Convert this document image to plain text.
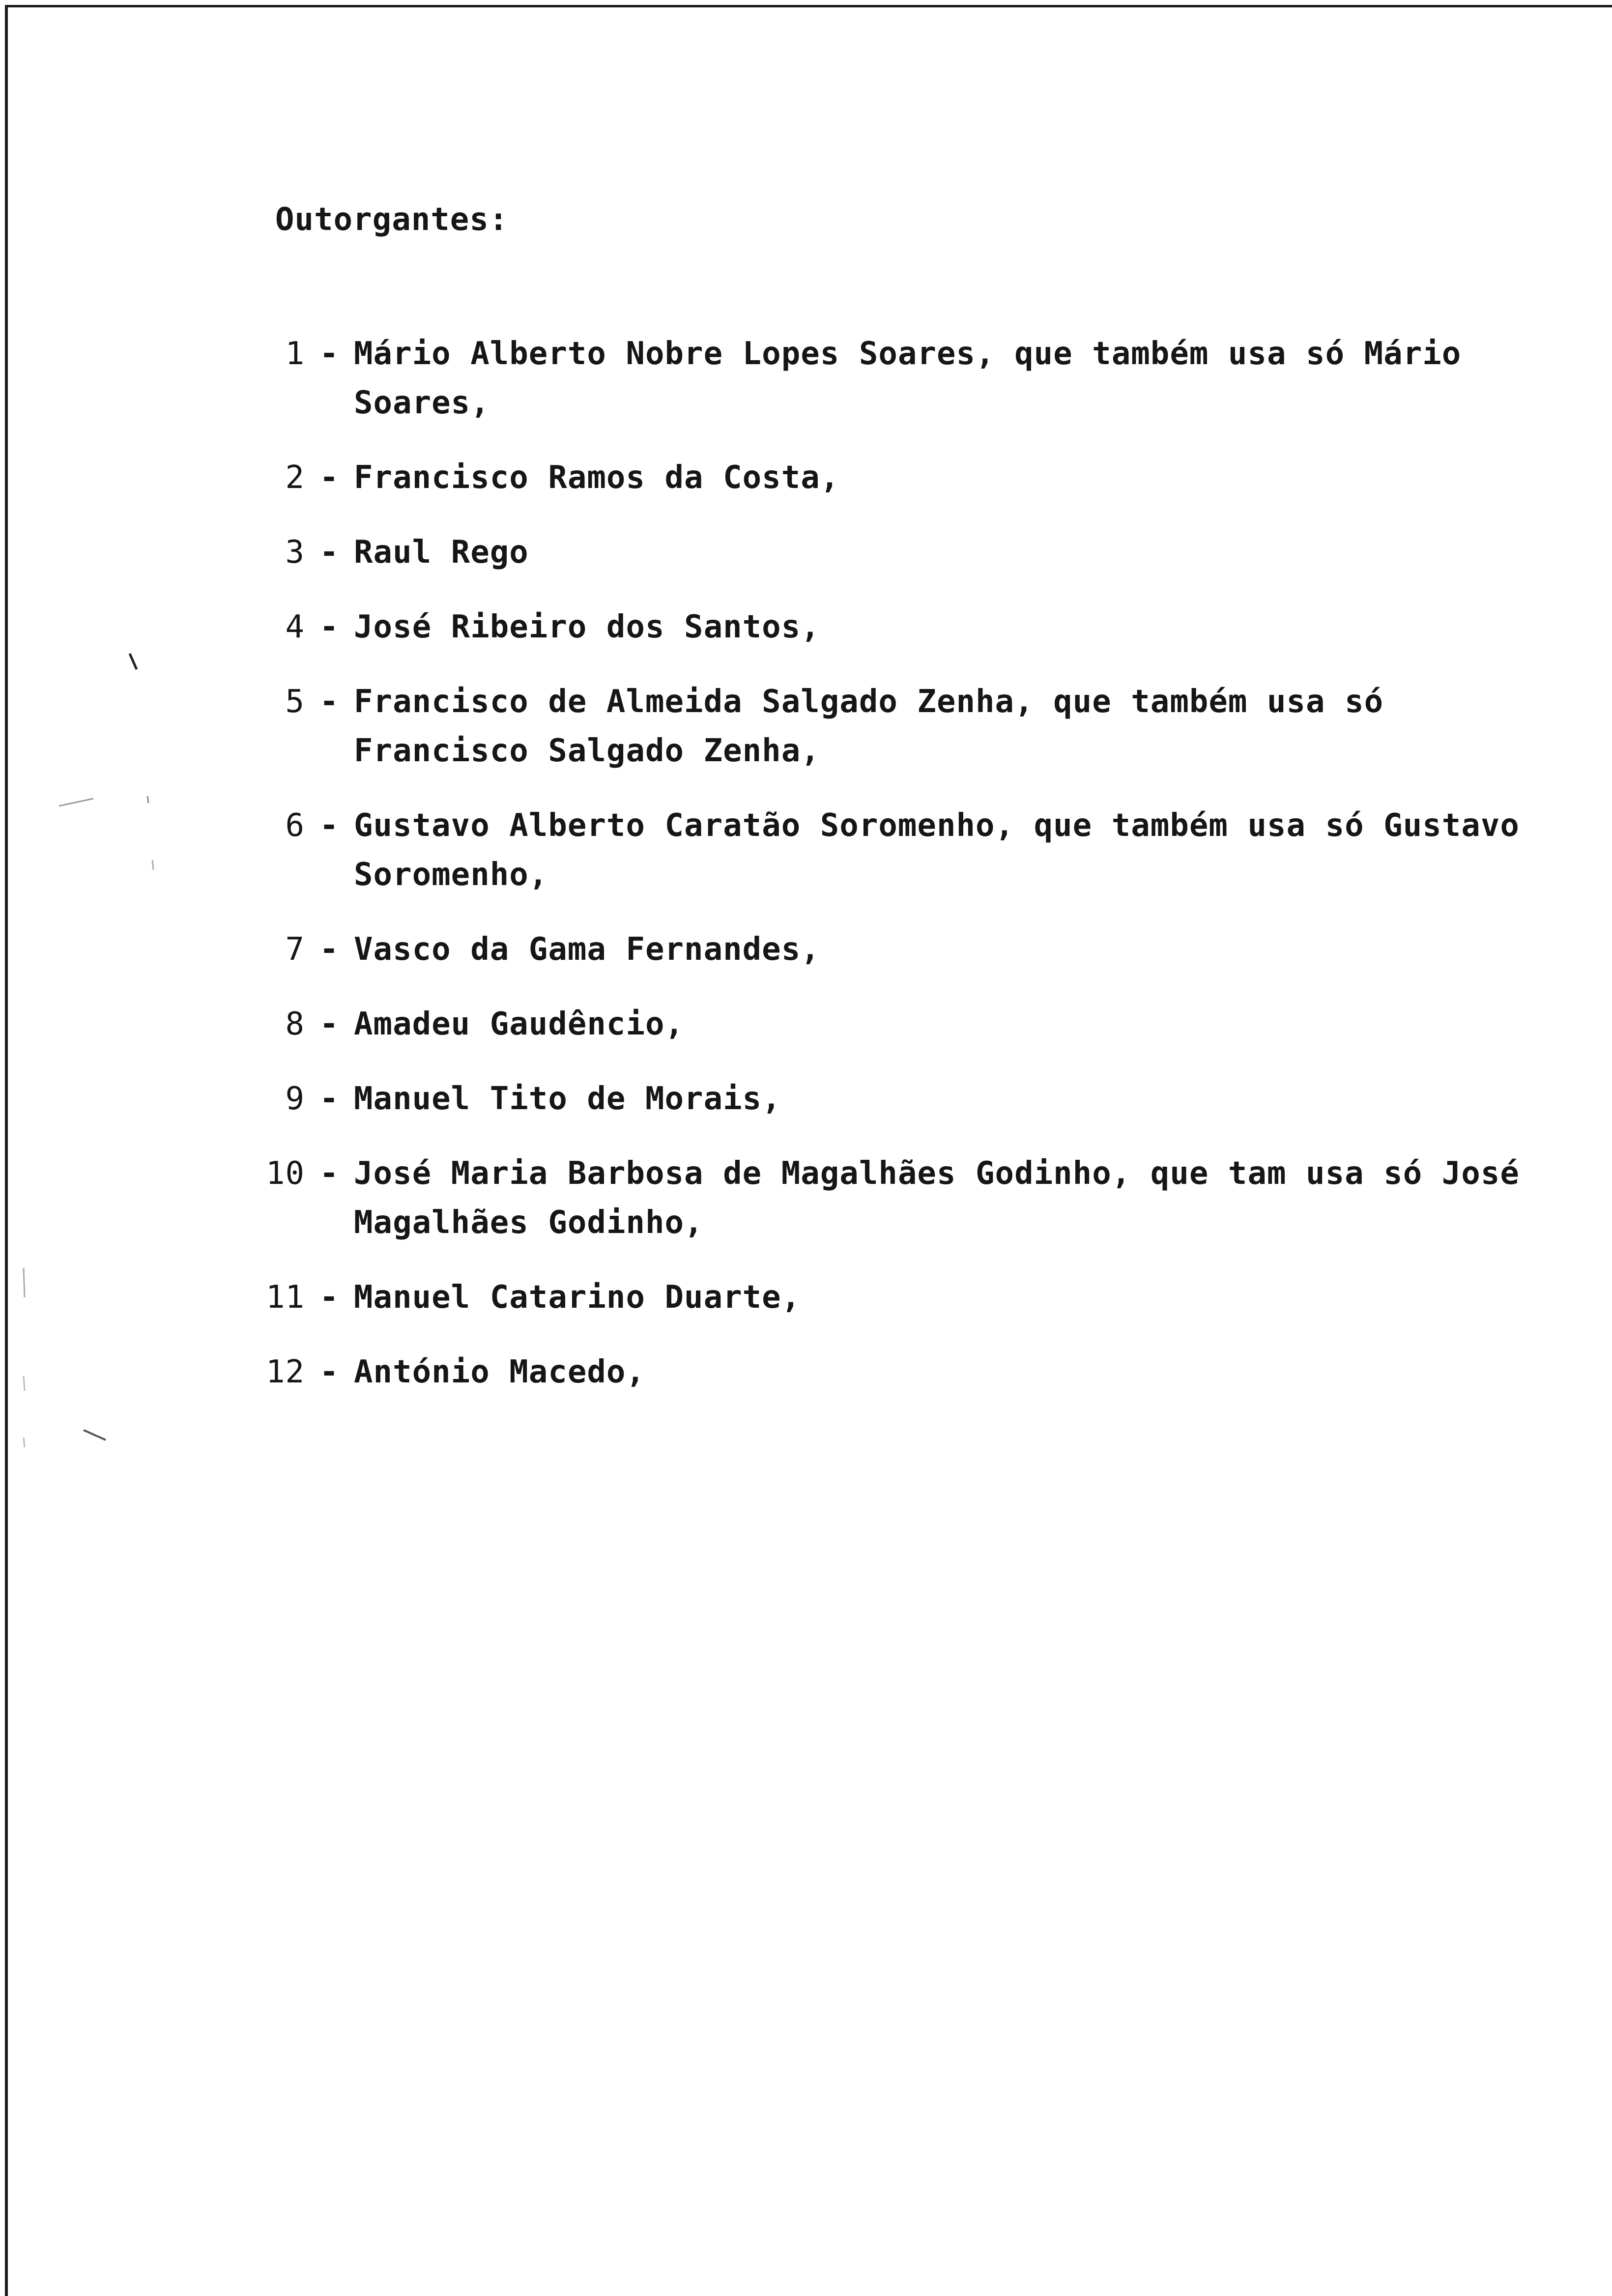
Outorgantes:
1 - Mário Alberto Nobre Lopes Soares, que também usa só Mário Soares,
2 - Francisco Ramos da Costa,
3 - Raul Rego
4 - José Ribeiro dos Santos,
5 - Francisco de Almeida Salgado Zenha, que também usa só Francisco Salgado Zenha,
6 - Gustavo Alberto Caratão Soromenho, que também usa só Gustavo Soromenho,
7 - Vasco da Gama Fernandes,
8 - Amadeu Gaudêncio,
9 - Manuel Tito de Morais,
10 - José Maria Barbosa de Magalhães Godinho, que tam usa só José Magalhães Godinho,
11 - Manuel Catarino Duarte,
12 - António Macedo,
